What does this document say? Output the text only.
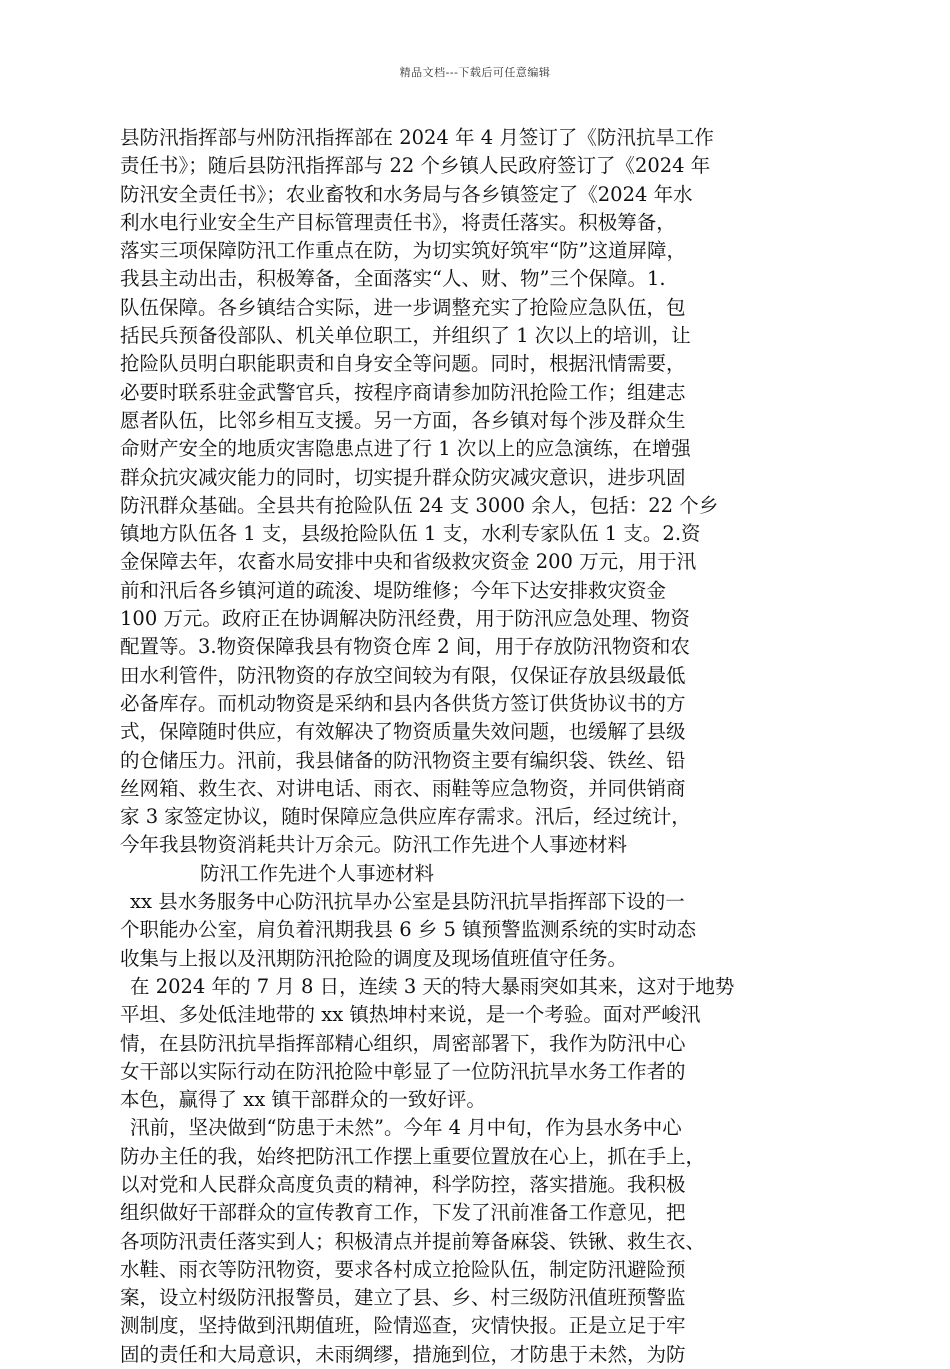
精品文档---下载后可任意编辑
县防汛指挥部与州防汛指挥部在 2024 年 4 月签订了《防汛抗旱工作
责任书》；随后县防汛指挥部与 22 个乡镇人民政府签订了《2024 年
防汛安全责任书》；农业畜牧和水务局与各乡镇签定了《2024 年水
利水电行业安全生产目标管理责任书》，将责任落实。积极筹备，
落实三项保障防汛工作重点在防，为切实筑好筑牢“防”这道屏障，
我县主动出击，积极筹备，全面落实“人、财、物”三个保障。1.
队伍保障。各乡镇结合实际，进一步调整充实了抢险应急队伍，包
括民兵预备役部队、机关单位职工，并组织了 1 次以上的培训，让
抢险队员明白职能职责和自身安全等问题。同时，根据汛情需要，
必要时联系驻金武警官兵，按程序商请参加防汛抢险工作；组建志
愿者队伍，比邻乡相互支援。另一方面，各乡镇对每个涉及群众生
命财产安全的地质灾害隐患点进了行 1 次以上的应急演练，在增强
群众抗灾减灾能力的同时，切实提升群众防灾减灾意识，进步巩固
防汛群众基础。全县共有抢险队伍 24 支 3000 余人，包括：22 个乡
镇地方队伍各 1 支，县级抢险队伍 1 支，水利专家队伍 1 支。2.资
金保障去年，农畜水局安排中央和省级救灾资金 200 万元，用于汛
前和汛后各乡镇河道的疏浚、堤防维修；今年下达安排救灾资金
100 万元。政府正在协调解决防汛经费，用于防汛应急处理、物资
配置等。3.物资保障我县有物资仓库 2 间，用于存放防汛物资和农
田水利管件，防汛物资的存放空间较为有限，仅保证存放县级最低
必备库存。而机动物资是采纳和县内各供货方签订供货协议书的方
式，保障随时供应，有效解决了物资质量失效问题，也缓解了县级
的仓储压力。汛前，我县储备的防汛物资主要有编织袋、铁丝、铅
丝网箱、救生衣、对讲电话、雨衣、雨鞋等应急物资，并同供销商
家 3 家签定协议，随时保障应急供应库存需求。汛后，经过统计，
今年我县物资消耗共计万余元。防汛工作先进个人事迹材料
防汛工作先进个人事迹材料
xx 县水务服务中心防汛抗旱办公室是县防汛抗旱指挥部下设的一
个职能办公室，肩负着汛期我县 6 乡 5 镇预警监测系统的实时动态
收集与上报以及汛期防汛抢险的调度及现场值班值守任务。
在 2024 年的 7 月 8 日，连续 3 天的特大暴雨突如其来，这对于地势
平坦、多处低洼地带的 xx 镇热坤村来说，是一个考验。面对严峻汛
情，在县防汛抗旱指挥部精心组织，周密部署下，我作为防汛中心
女干部以实际行动在防汛抢险中彰显了一位防汛抗旱水务工作者的
本色，赢得了 xx 镇干部群众的一致好评。
汛前，坚决做到“防患于未然”。今年 4 月中旬，作为县水务中心
防办主任的我，始终把防汛工作摆上重要位置放在心上，抓在手上，
以对党和人民群众高度负责的精神，科学防控，落实措施。我积极
组织做好干部群众的宣传教育工作，下发了汛前准备工作意见，把
各项防汛责任落实到人；积极清点并提前筹备麻袋、铁锹、救生衣、
水鞋、雨衣等防汛物资，要求各村成立抢险队伍，制定防汛避险预
案，设立村级防汛报警员，建立了县、乡、村三级防汛值班预警监
测制度，坚持做到汛期值班，险情巡查，灾情快报。正是立足于牢
固的责任和大局意识，未雨绸缪，措施到位，才防患于未然，为防
